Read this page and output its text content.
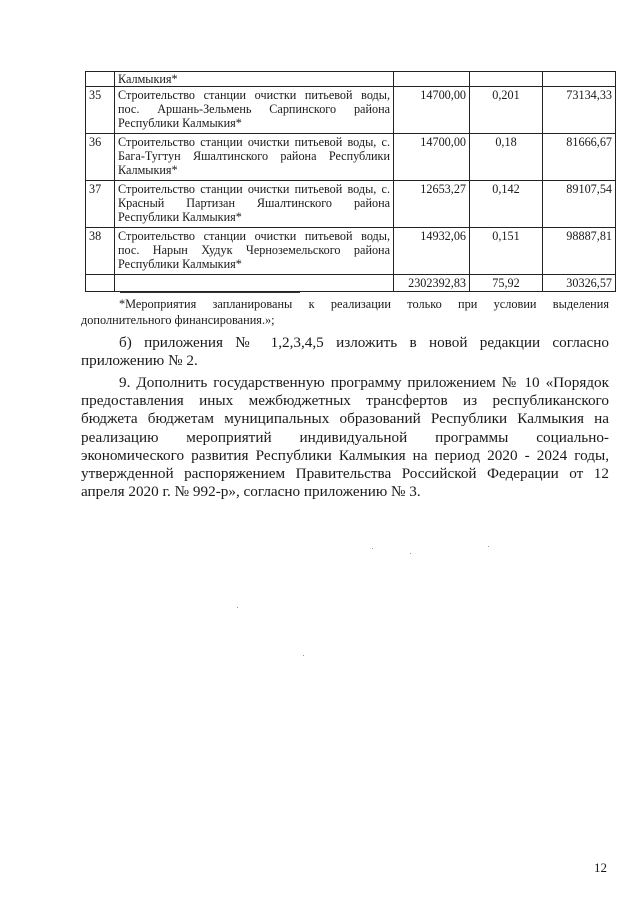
	Калмыкия*			
35	Строительство станции очистки питьевой воды, пос. Аршань-Зельмень Сарпинского района Республики Калмыкия*	14700,00	0,201	73134,33
36	Строительство станции очистки питьевой воды, с. Бага-Тугтун Яшалтинского района Республики Калмыкия*	14700,00	0,18	81666,67
37	Строительство станции очистки питьевой воды, с. Красный Партизан Яшалтинского района Республики Калмыкия*	12653,27	0,142	89107,54
38	Строительство станции очистки питьевой воды, пос. Нарын Худук Черноземельского района Республики Калмыкия*	14932,06	0,151	98887,81
		2302392,83	75,92	30326,57
*Мероприятия запланированы к реализации только при условии выделения дополнительного финансирования.»;
б) приложения № 1,2,3,4,5 изложить в новой редакции согласно приложению № 2.
9. Дополнить государственную программу приложением № 10 «Порядок предоставления иных межбюджетных трансфертов из республиканского бюджета бюджетам муниципальных образований Республики Калмыкия на реализацию мероприятий индивидуальной программы социально-экономического развития Республики Калмыкия на период 2020 - 2024 годы, утвержденной распоряжением Правительства Российской Федерации от 12 апреля 2020 г. № 992-р», согласно приложению № 3.
12
